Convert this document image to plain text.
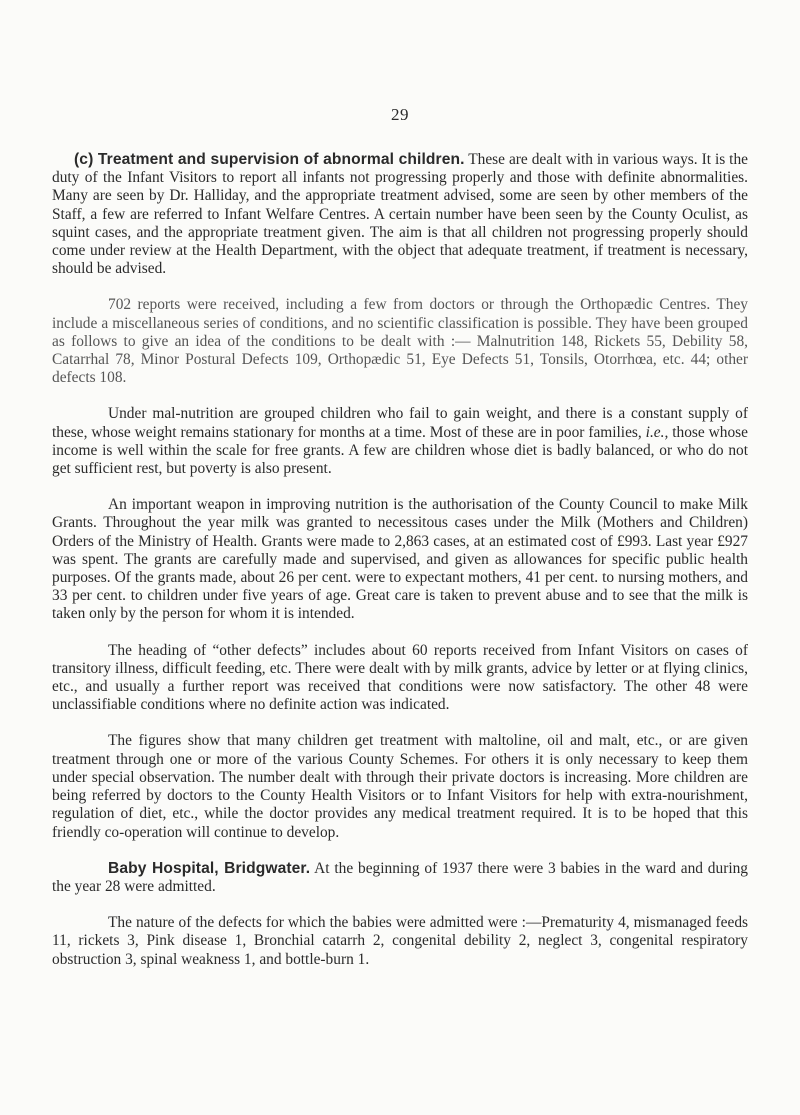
29

(c) Treatment and supervision of abnormal children. These are dealt with in various ways. It is the duty of the Infant Visitors to report all infants not progressing properly and those with definite abnormalities. Many are seen by Dr. Halliday, and the appropriate treatment advised, some are seen by other members of the Staff, a few are referred to Infant Welfare Centres. A certain number have been seen by the County Oculist, as squint cases, and the appropriate treatment given. The aim is that all children not progressing properly should come under review at the Health Department, with the object that adequate treatment, if treatment is necessary, should be advised.

702 reports were received, including a few from doctors or through the Orthopædic Centres. They include a miscellaneous series of conditions, and no scientific classification is possible. They have been grouped as follows to give an idea of the conditions to be dealt with :— Malnutrition 148, Rickets 55, Debility 58, Catarrhal 78, Minor Postural Defects 109, Orthopædic 51, Eye Defects 51, Tonsils, Otorrhœa, etc. 44; other defects 108.

Under mal-nutrition are grouped children who fail to gain weight, and there is a constant supply of these, whose weight remains stationary for months at a time. Most of these are in poor families, i.e., those whose income is well within the scale for free grants. A few are children whose diet is badly balanced, or who do not get sufficient rest, but poverty is also present.

An important weapon in improving nutrition is the authorisation of the County Council to make Milk Grants. Throughout the year milk was granted to necessitous cases under the Milk (Mothers and Children) Orders of the Ministry of Health. Grants were made to 2,863 cases, at an estimated cost of £993. Last year £927 was spent. The grants are carefully made and supervised, and given as allowances for specific public health purposes. Of the grants made, about 26 per cent. were to expectant mothers, 41 per cent. to nursing mothers, and 33 per cent. to children under five years of age. Great care is taken to prevent abuse and to see that the milk is taken only by the person for whom it is intended.

The heading of “other defects” includes about 60 reports received from Infant Visitors on cases of transitory illness, difficult feeding, etc. There were dealt with by milk grants, advice by letter or at flying clinics, etc., and usually a further report was received that conditions were now satisfactory. The other 48 were unclassifiable conditions where no definite action was indicated.

The figures show that many children get treatment with maltoline, oil and malt, etc., or are given treatment through one or more of the various County Schemes. For others it is only necessary to keep them under special observation. The number dealt with through their private doctors is increasing. More children are being referred by doctors to the County Health Visitors or to Infant Visitors for help with extra-nourishment, regulation of diet, etc., while the doctor provides any medical treatment required. It is to be hoped that this friendly co-operation will continue to develop.

Baby Hospital, Bridgwater. At the beginning of 1937 there were 3 babies in the ward and during the year 28 were admitted.

The nature of the defects for which the babies were admitted were :—Prematurity 4, mismanaged feeds 11, rickets 3, Pink disease 1, Bronchial catarrh 2, congenital debility 2, neglect 3, congenital respiratory obstruction 3, spinal weakness 1, and bottle-burn 1.
